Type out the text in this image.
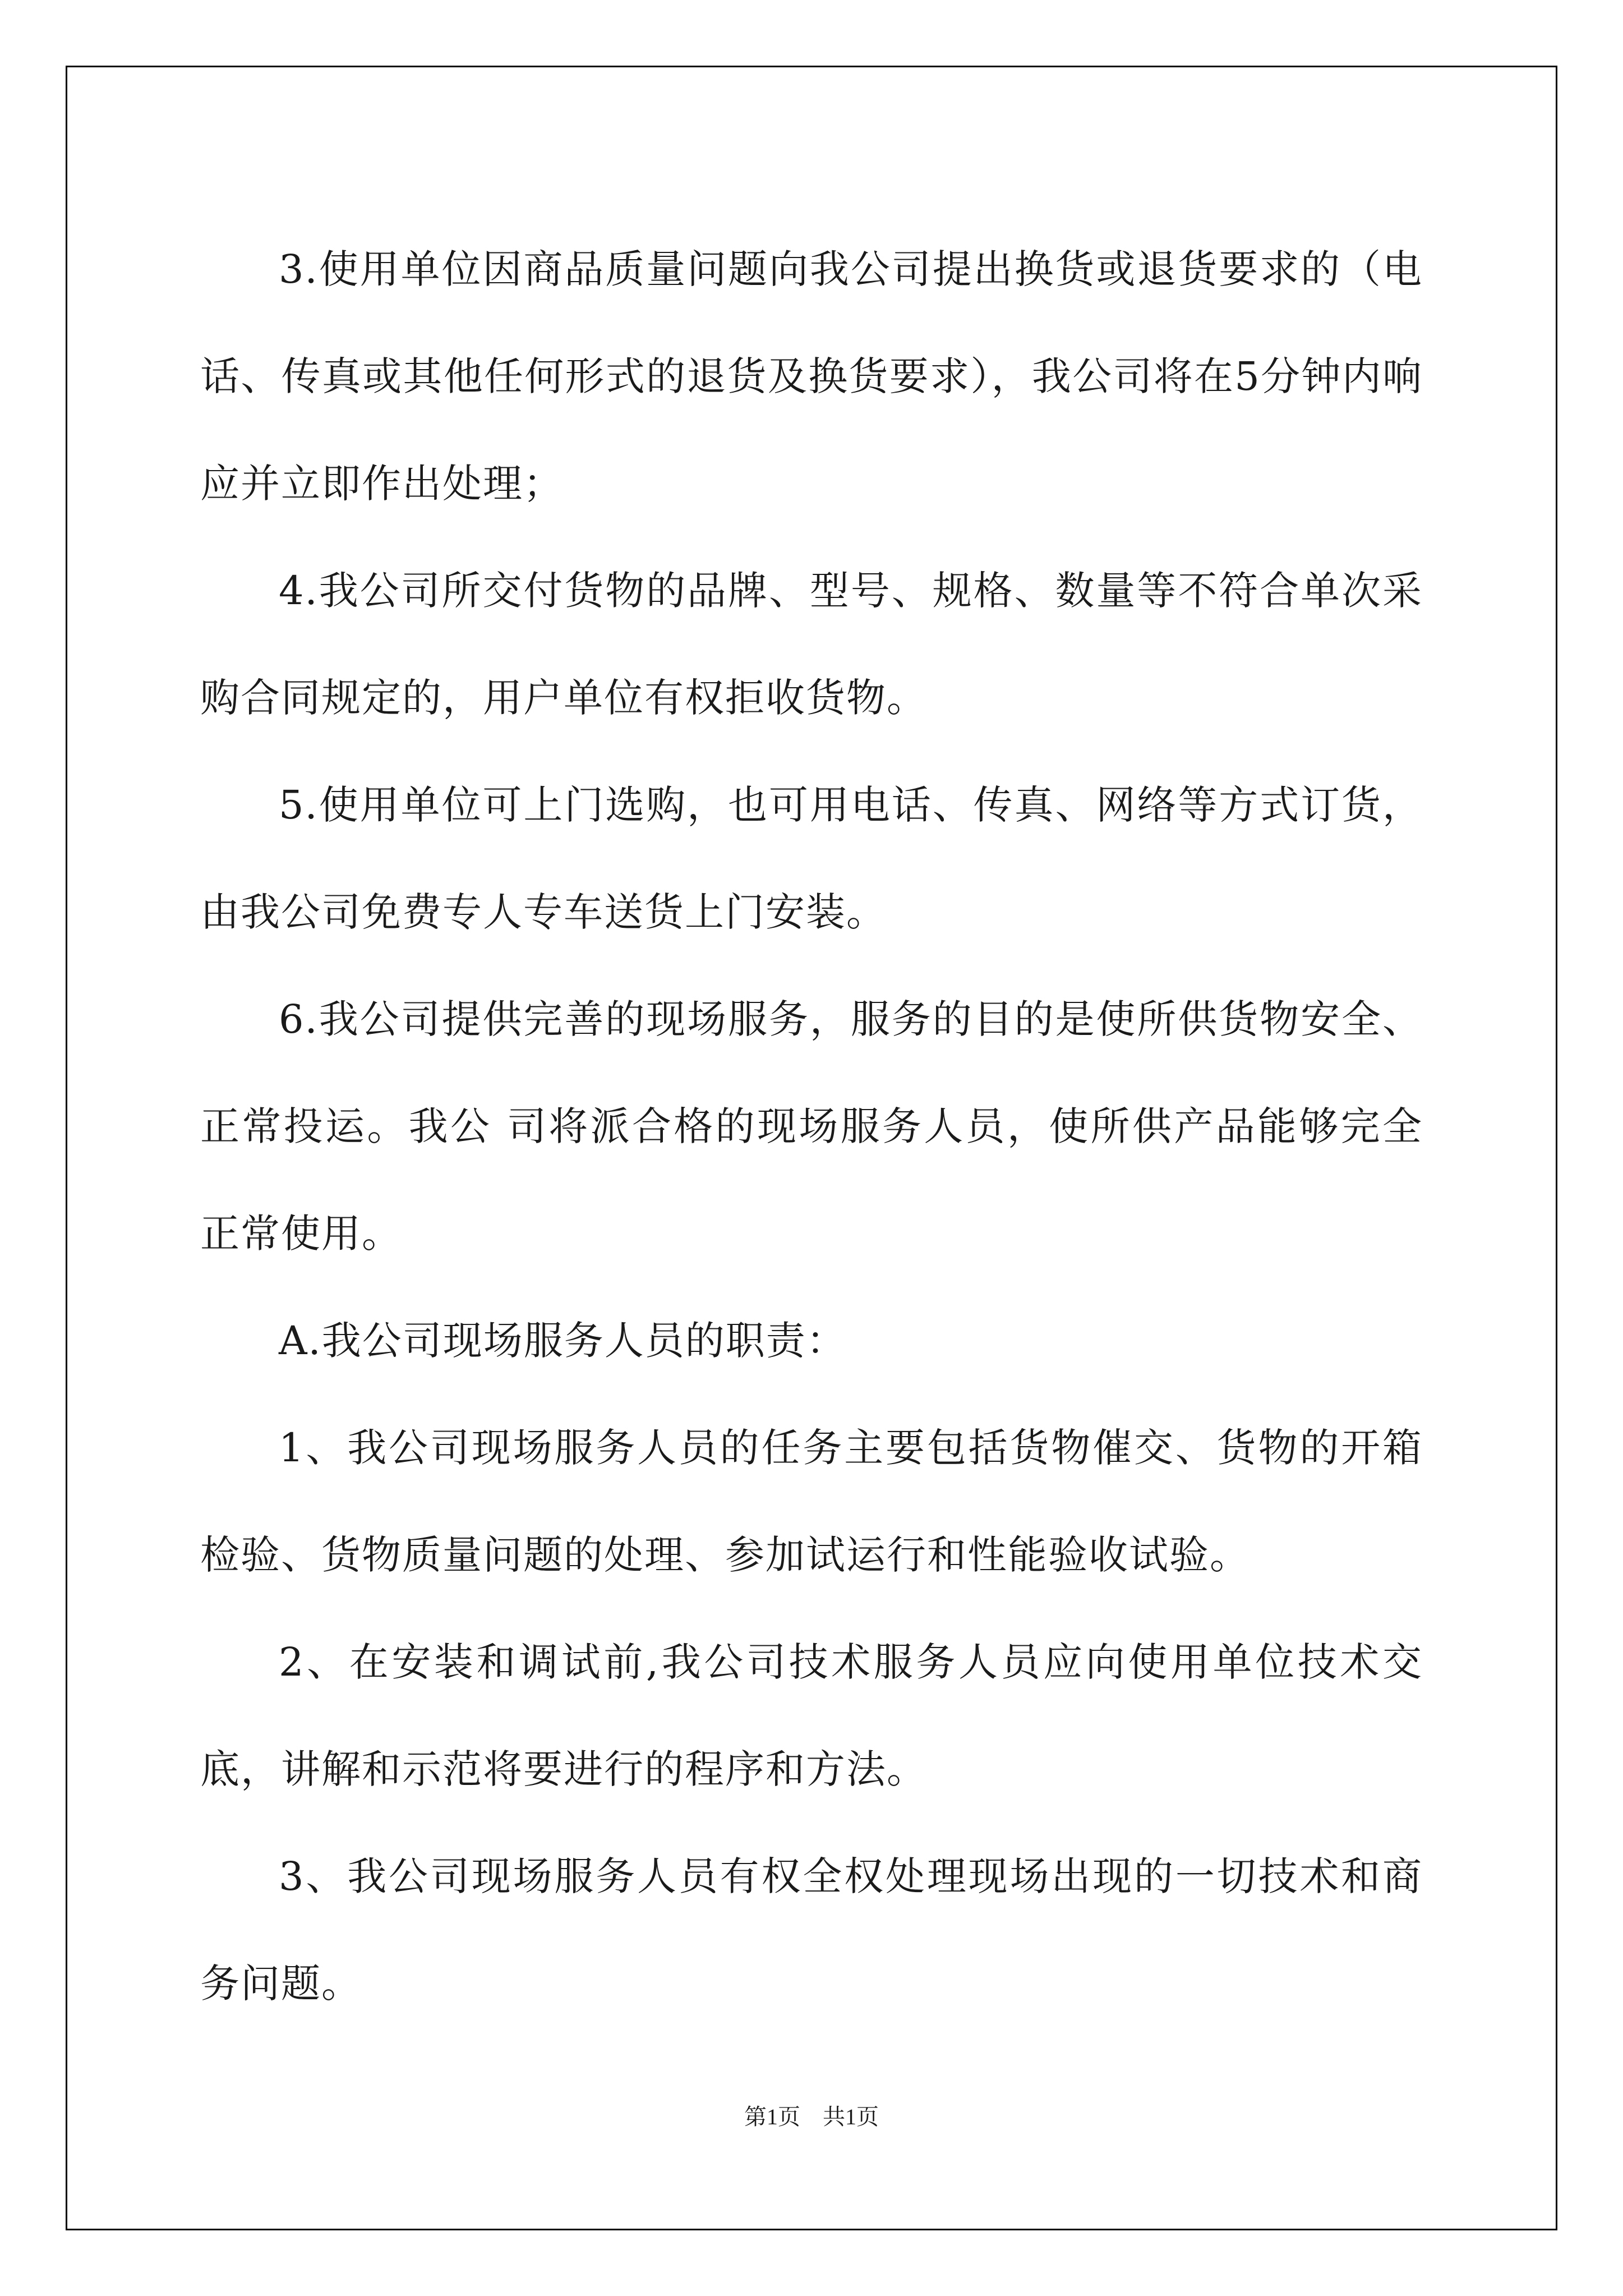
3.使用单位因商品质量问题向我公司提出换货或退货要求的（电话、传真或其他任何形式的退货及换货要求），我公司将在5分钟内响应并立即作出处理；

4.我公司所交付货物的品牌、型号、规格、数量等不符合单次采购合同规定的，用户单位有权拒收货物。

5.使用单位可上门选购，也可用电话、传真、网络等方式订货，由我公司免费专人专车送货上门安装。

6.我公司提供完善的现场服务，服务的目的是使所供货物安全、正常投运。我公 司将派合格的现场服务人员，使所供产品能够完全正常使用。

A.我公司现场服务人员的职责：

1、我公司现场服务人员的任务主要包括货物催交、货物的开箱检验、货物质量问题的处理、参加试运行和性能验收试验。

2、在安装和调试前,我公司技术服务人员应向使用单位技术交底，讲解和示范将要进行的程序和方法。

3、我公司现场服务人员有权全权处理现场出现的一切技术和商务问题。

第1页　共1页
